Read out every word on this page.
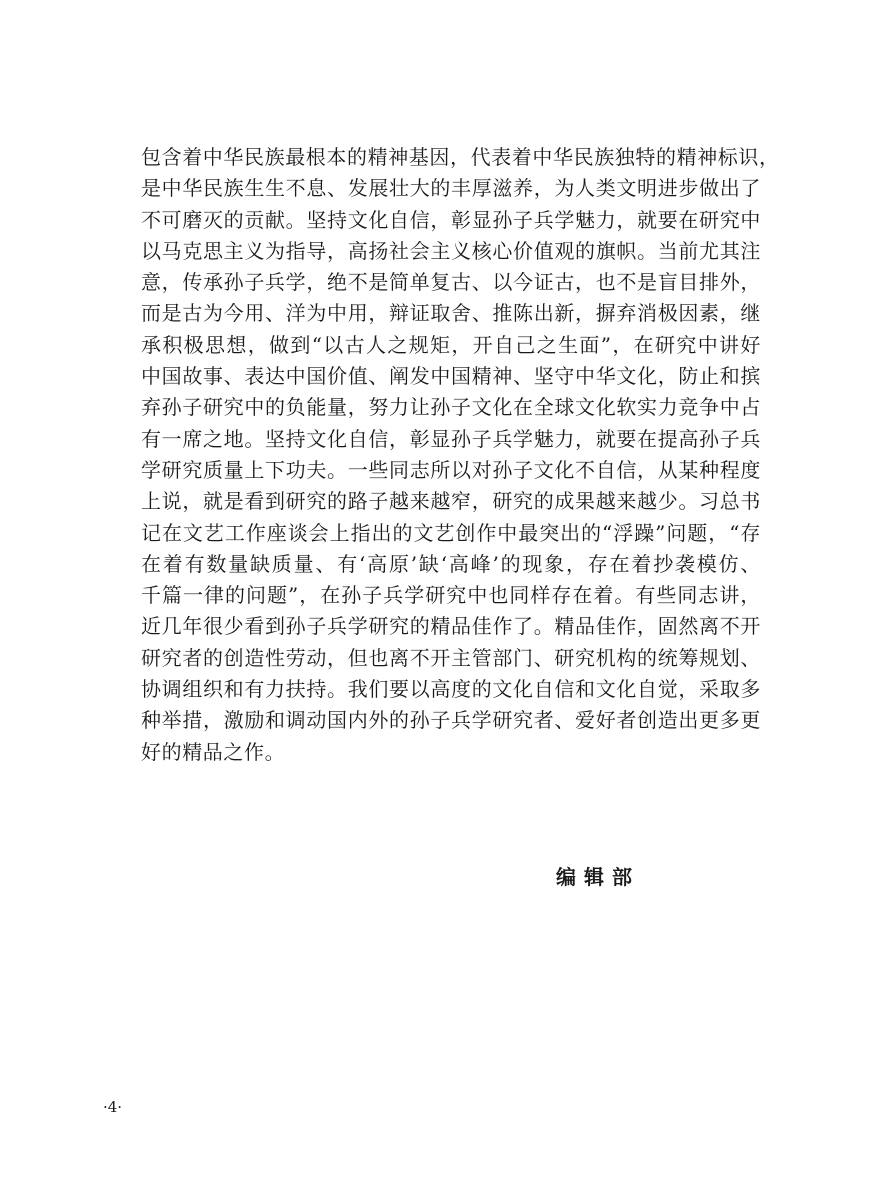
包含着中华民族最根本的精神基因，代表着中华民族独特的精神标识，
是中华民族生生不息、发展壮大的丰厚滋养，为人类文明进步做出了
不可磨灭的贡献。坚持文化自信，彰显孙子兵学魅力，就要在研究中
以马克思主义为指导，高扬社会主义核心价值观的旗帜。当前尤其注
意，传承孙子兵学，绝不是简单复古、以今证古，也不是盲目排外，
而是古为今用、洋为中用，辩证取舍、推陈出新，摒弃消极因素，继
承积极思想，做到“以古人之规矩，开自己之生面”，在研究中讲好
中国故事、表达中国价值、阐发中国精神、坚守中华文化，防止和摈
弃孙子研究中的负能量，努力让孙子文化在全球文化软实力竞争中占
有一席之地。坚持文化自信，彰显孙子兵学魅力，就要在提高孙子兵
学研究质量上下功夫。一些同志所以对孙子文化不自信，从某种程度
上说，就是看到研究的路子越来越窄，研究的成果越来越少。习总书
记在文艺工作座谈会上指出的文艺创作中最突出的“浮躁”问题，“存
在着有数量缺质量、有‘高原’缺‘高峰’的现象，存在着抄袭模仿、
千篇一律的问题”，在孙子兵学研究中也同样存在着。有些同志讲，
近几年很少看到孙子兵学研究的精品佳作了。精品佳作，固然离不开
研究者的创造性劳动，但也离不开主管部门、研究机构的统筹规划、
协调组织和有力扶持。我们要以高度的文化自信和文化自觉，采取多
种举措，激励和调动国内外的孙子兵学研究者、爱好者创造出更多更
好的精品之作。
编辑部
·4·
